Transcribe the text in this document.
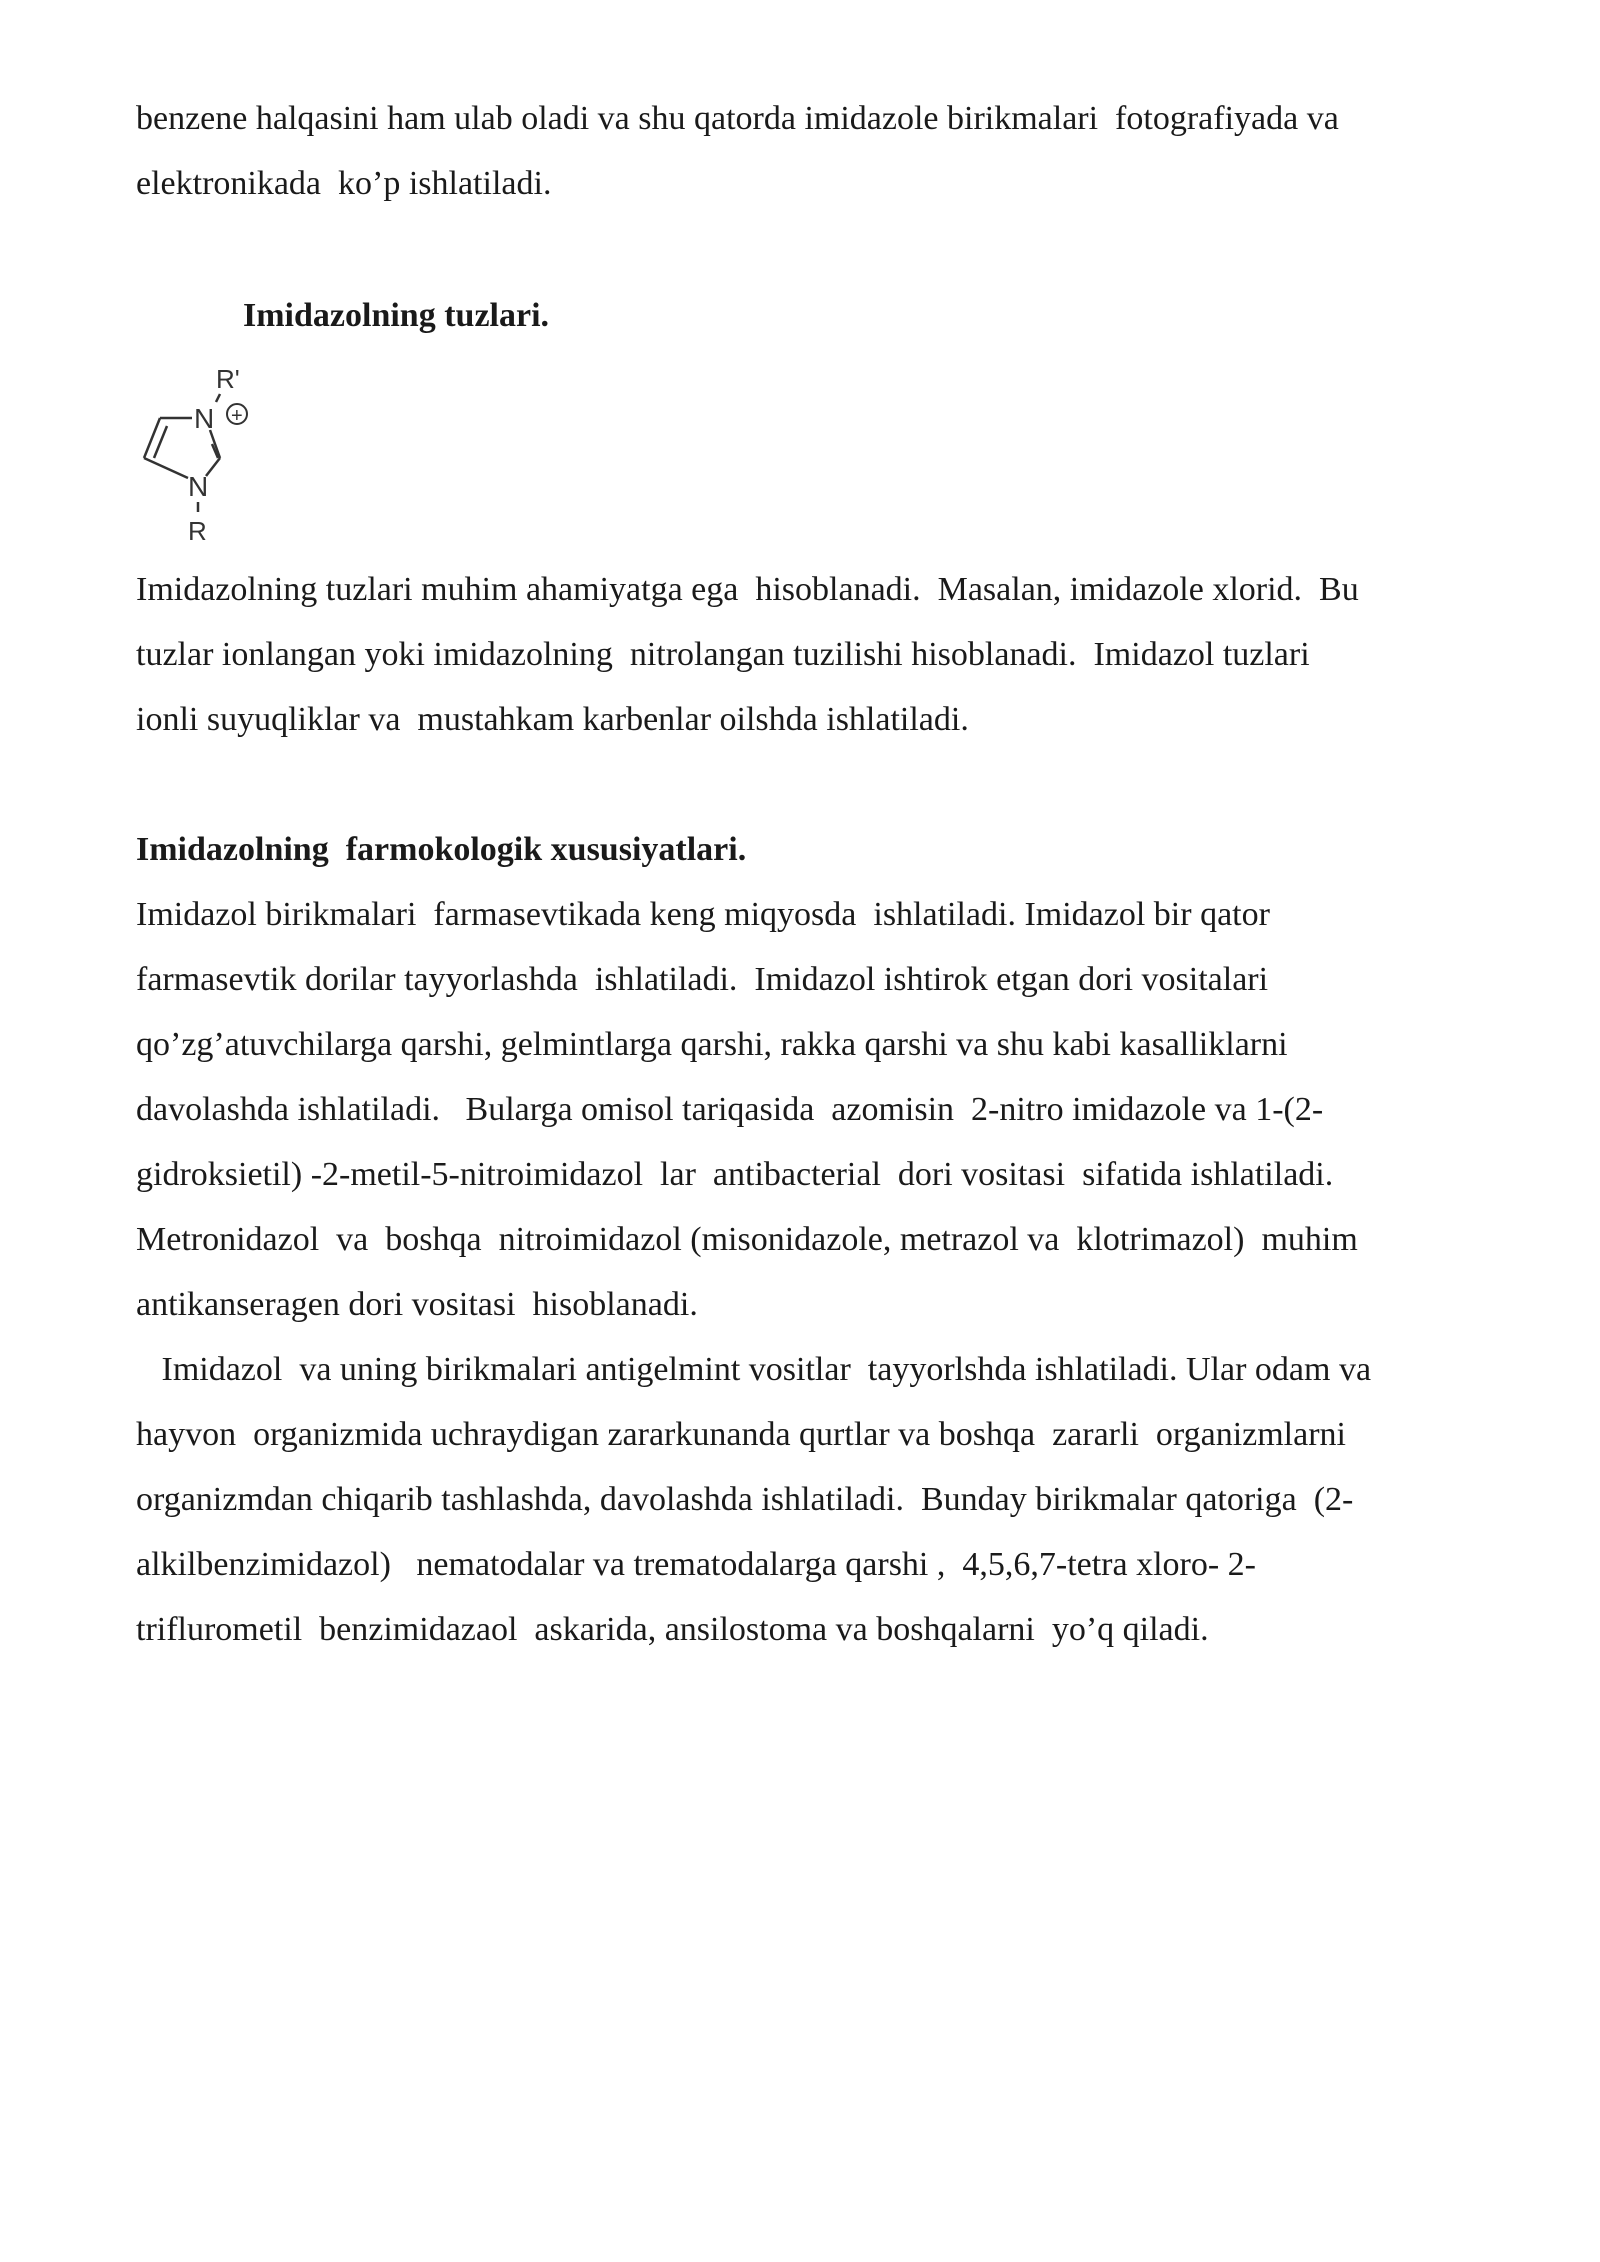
benzene halqasini ham ulab oladi va shu qatorda imidazole birikmalari  fotografiyada va
elektronikada  ko’p ishlatiladi.
Imidazolning tuzlari.
R'
N +
N
R
Imidazolning tuzlari muhim ahamiyatga ega  hisoblanadi.  Masalan, imidazole xlorid.  Bu
tuzlar ionlangan yoki imidazolning  nitrolangan tuzilishi hisoblanadi.  Imidazol tuzlari
ionli suyuqliklar va  mustahkam karbenlar oilshda ishlatiladi.
Imidazolning  farmokologik xususiyatlari.
Imidazol birikmalari  farmasevtikada keng miqyosda  ishlatiladi. Imidazol bir qator
farmasevtik dorilar tayyorlashda  ishlatiladi.  Imidazol ishtirok etgan dori vositalari
qo’zg’atuvchilarga qarshi, gelmintlarga qarshi, rakka qarshi va shu kabi kasalliklarni
davolashda ishlatiladi.   Bularga omisol tariqasida  azomisin  2-nitro imidazole va 1-(2-
gidroksietil) -2-metil-5-nitroimidazol  lar  antibacterial  dori vositasi  sifatida ishlatiladi.
Metronidazol  va  boshqa  nitroimidazol (misonidazole, metrazol va  klotrimazol)  muhim
antikanseragen dori vositasi  hisoblanadi.
Imidazol  va uning birikmalari antigelmint vositlar  tayyorlshda ishlatiladi. Ular odam va
hayvon  organizmida uchraydigan zararkunanda qurtlar va boshqa  zararli  organizmlarni
organizmdan chiqarib tashlashda, davolashda ishlatiladi.  Bunday birikmalar qatoriga  (2-
alkilbenzimidazol)   nematodalar va trematodalarga qarshi ,  4,5,6,7-tetra xloro- 2-
triflurometil  benzimidazaol  askarida, ansilostoma va boshqalarni  yo’q qiladi.
